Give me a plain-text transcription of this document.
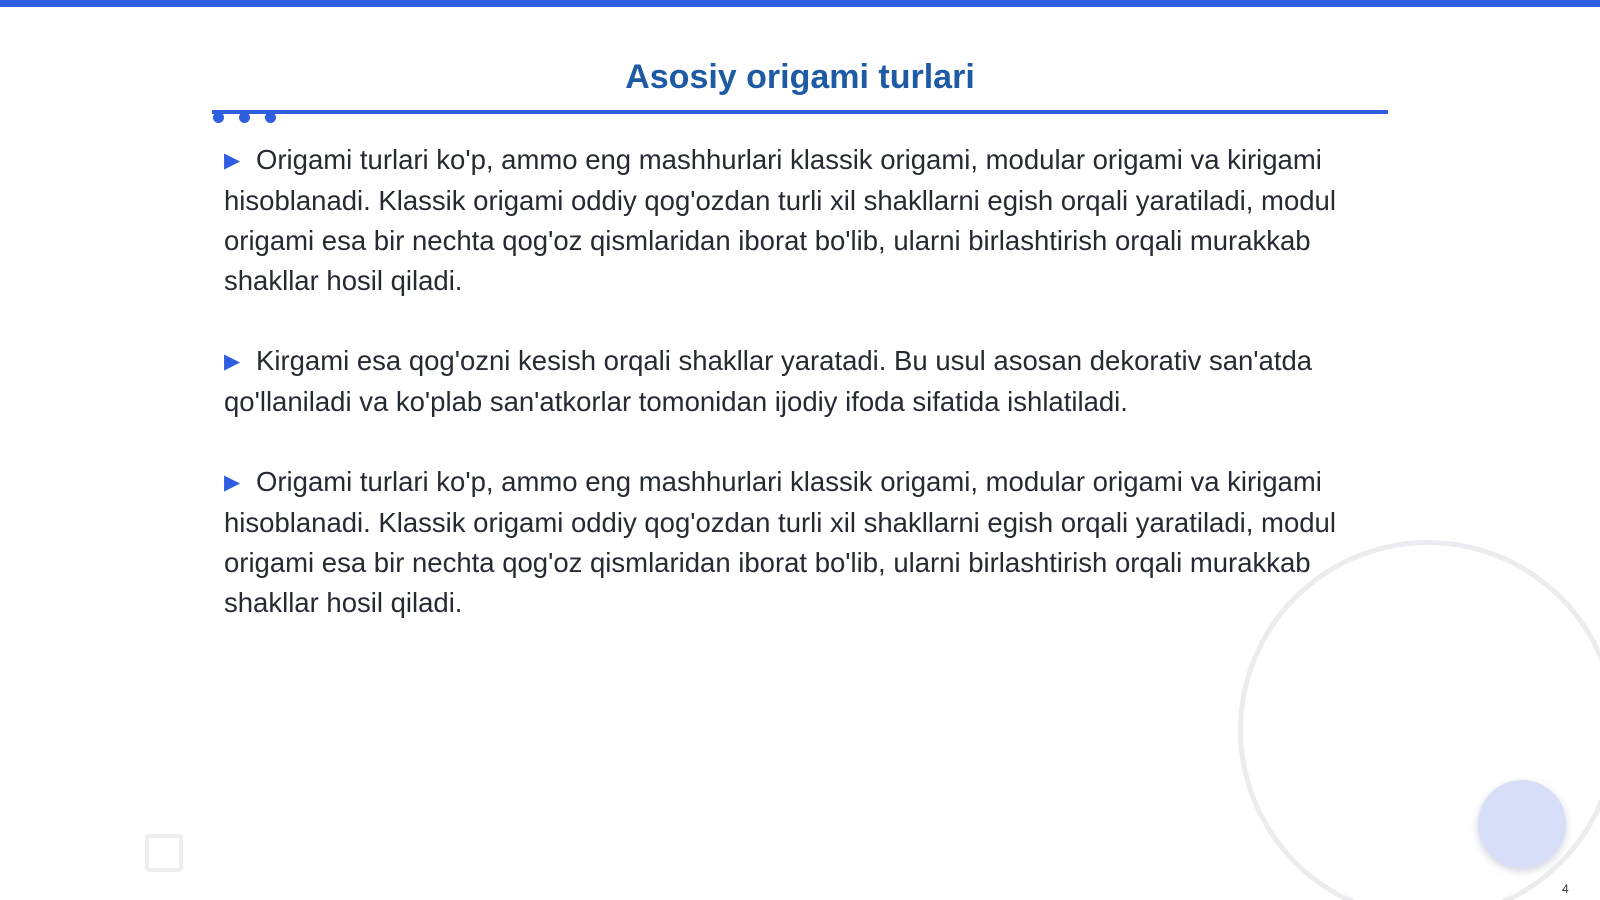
Asosiy origami turlari

▶ Origami turlari ko'p, ammo eng mashhurlari klassik origami, modular origami va kirigami hisoblanadi. Klassik origami oddiy qog'ozdan turli xil shakllarni egish orqali yaratiladi, modul origami esa bir nechta qog'oz qismlaridan iborat bo'lib, ularni birlashtirish orqali murakkab shakllar hosil qiladi.

▶ Kirgami esa qog'ozni kesish orqali shakllar yaratadi. Bu usul asosan dekorativ san'atda qo'llaniladi va ko'plab san'atkorlar tomonidan ijodiy ifoda sifatida ishlatiladi.

▶ Origami turlari ko'p, ammo eng mashhurlari klassik origami, modular origami va kirigami hisoblanadi. Klassik origami oddiy qog'ozdan turli xil shakllarni egish orqali yaratiladi, modul origami esa bir nechta qog'oz qismlaridan iborat bo'lib, ularni birlashtirish orqali murakkab shakllar hosil qiladi.

4
